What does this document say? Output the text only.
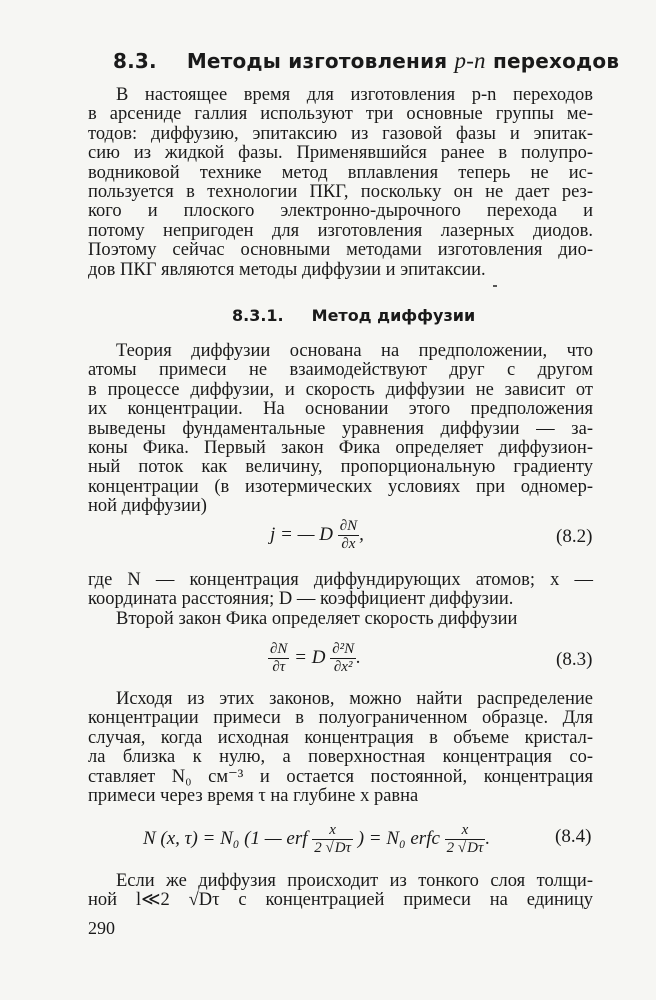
8.3. Методы изготовления p-n переходов
В настоящее время для изготовления p-n переходов
в арсениде галлия используют три основные группы ме-
тодов: диффузию, эпитаксию из газовой фазы и эпитак-
сию из жидкой фазы. Применявшийся ранее в полупро-
водниковой технике метод вплавления теперь не ис-
пользуется в технологии ПКГ, поскольку он не дает рез-
кого и плоского электронно-дырочного перехода и
потому непригоден для изготовления лазерных диодов.
Поэтому сейчас основными методами изготовления дио-
дов ПКГ являются методы диффузии и эпитаксии.
8.3.1. Метод диффузии
Теория диффузии основана на предположении, что
атомы примеси не взаимодействуют друг с другом
в процессе диффузии, и скорость диффузии не зависит от
их концентрации. На основании этого предположения
выведены фундаментальные уравнения диффузии — за-
коны Фика. Первый закон Фика определяет диффузион-
ный поток как величину, пропорциональную градиенту
концентрации (в изотермических условиях при одномер-
ной диффузии)
j = — D $\frac{\partial N}{\partial x}$ ,	(8.2)
где N — концентрация диффундирующих атомов; x —
координата расстояния; D — коэффициент диффузии.
Второй закон Фика определяет скорость диффузии
$\frac{\partial N}{\partial\tau} = D \frac{\text{∂²N}}{\text{∂x²}}$ .	(8.3)
Исходя из этих законов, можно найти распределение
концентрации примеси в полуограниченном образце. Для
случая, когда исходная концентрация в объеме кристал-
ла близка к нулю, а поверхностная концентрация со-
ставляет N₀ см⁻³ и остается постоянной, концентрация
примеси через время τ на глубине x равна
N (x, τ) = N₀ (1 — erf $\frac{x}{2 √D\tau}$ ) = N₀ erfc $\frac{x}{2 √D\tau}$ .	(8.4)
Если же диффузия происходит из тонкого слоя толщи-
ной l≪2 √Dτ с концентрацией примеси на единицу
290
